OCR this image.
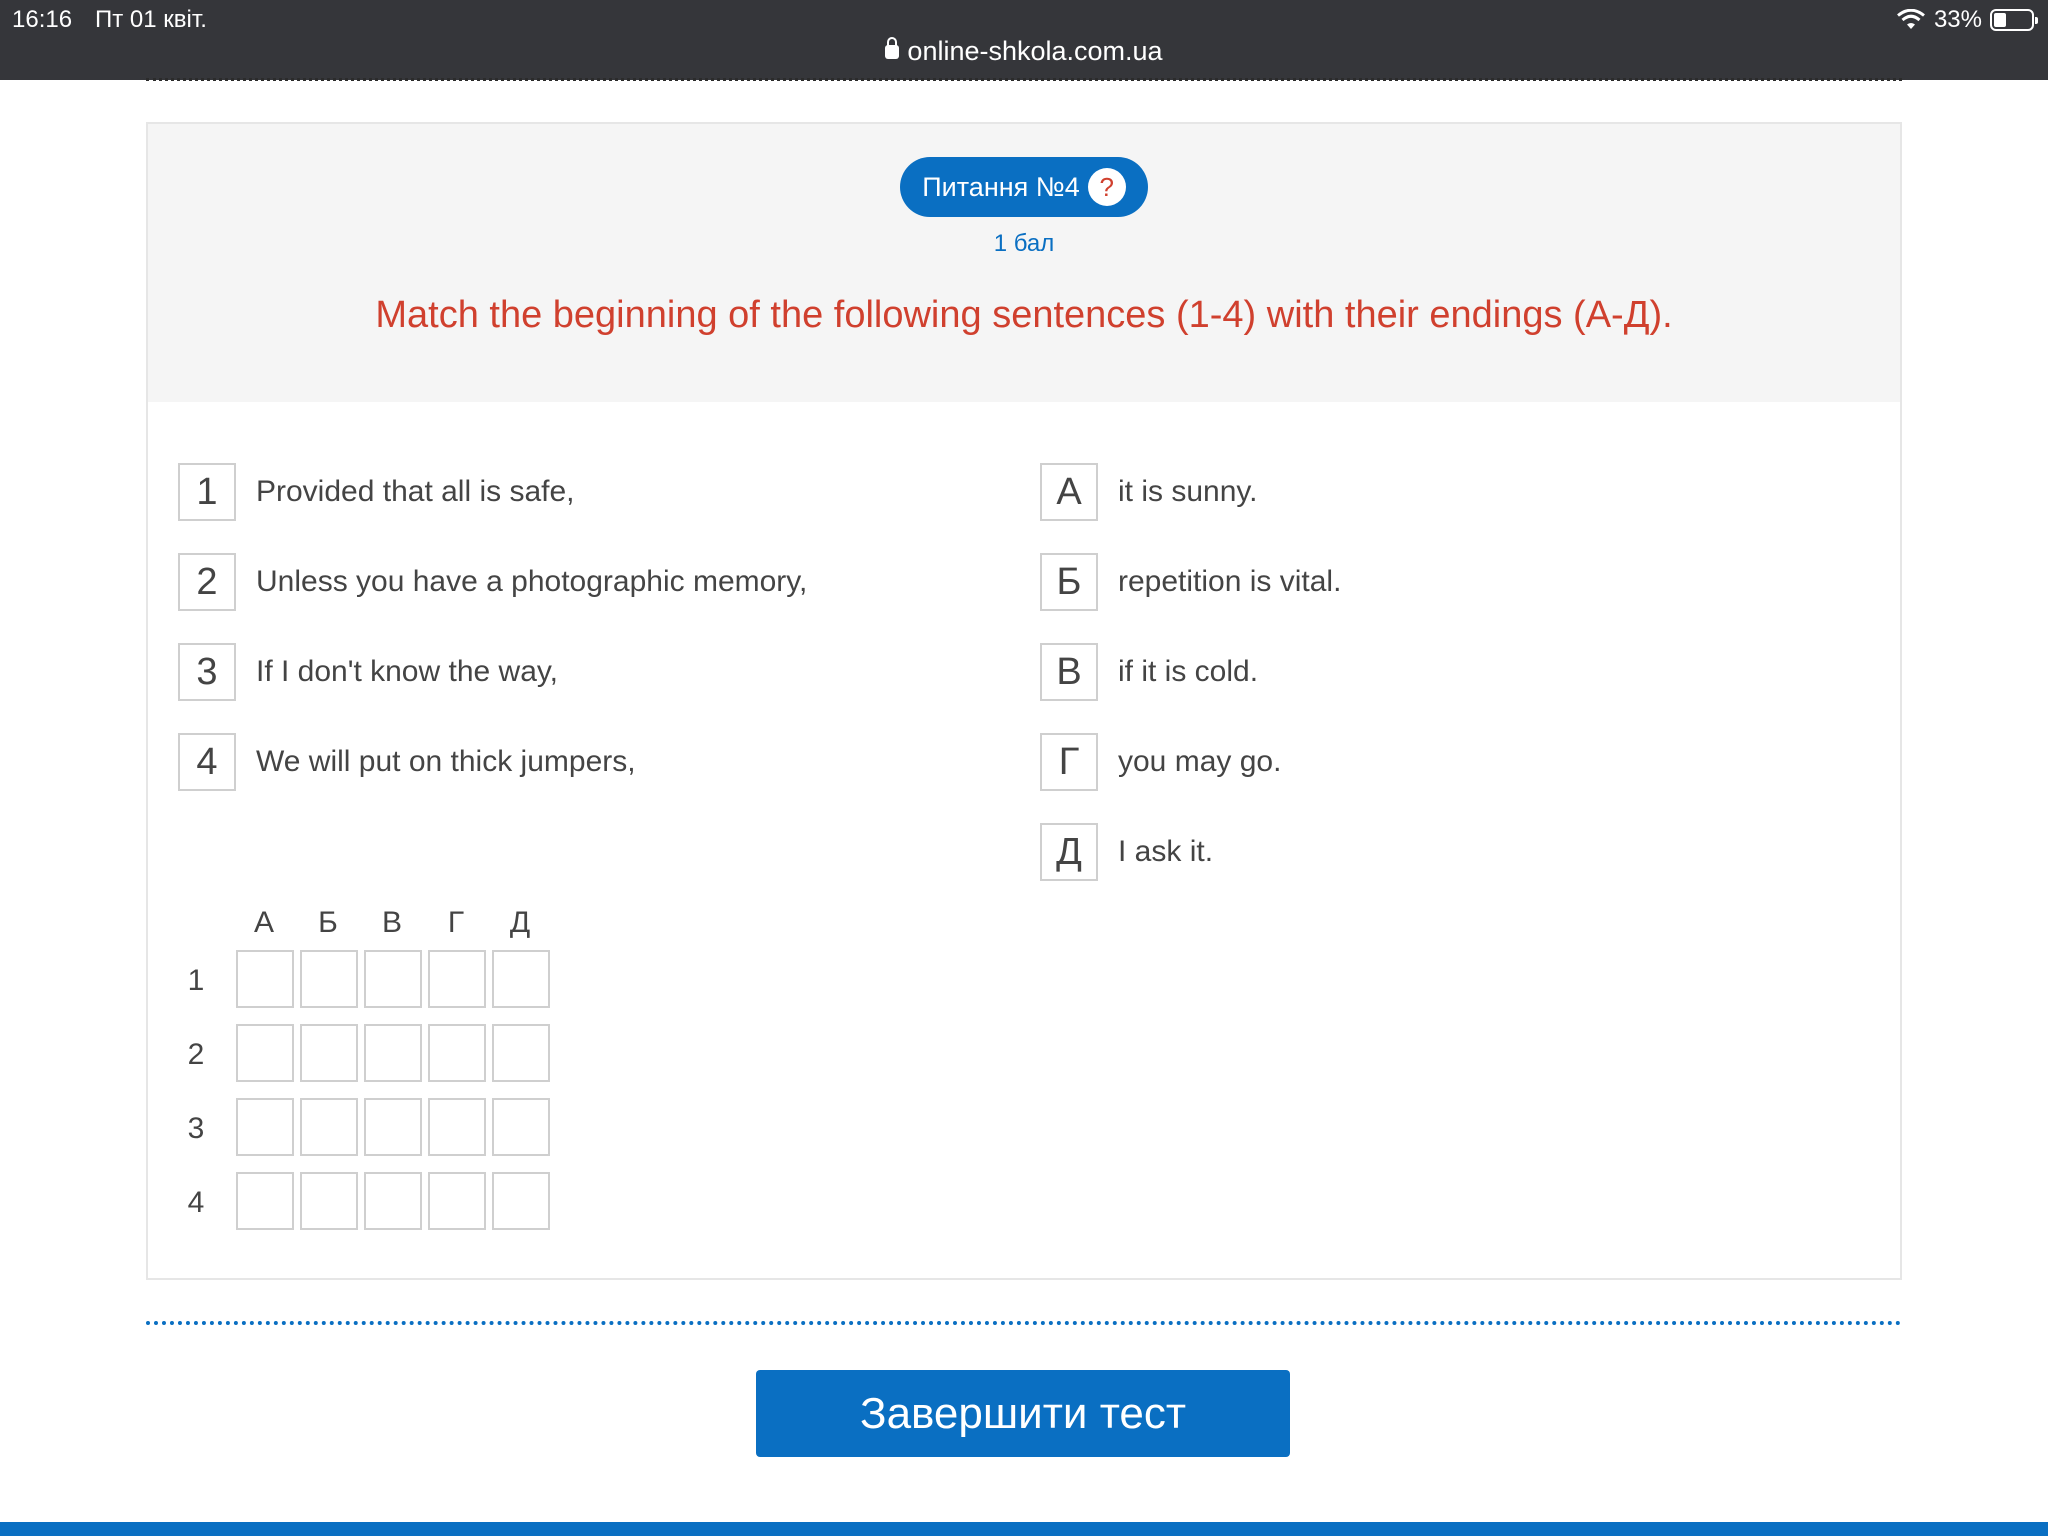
16:16 Пт 01 квіт.	33%
online-shkola.com.ua
Питання №4 ?
1 бал
Match the beginning of the following sentences (1-4) with their endings (А-Д).
1	Provided that all is safe,
2	Unless you have a photographic memory,
3	If I don't know the way,
4	We will put on thick jumpers,
А	it is sunny.
Б	repetition is vital.
В	if it is cold.
Г	you may go.
Д	I ask it.
А	Б	В	Г	Д
1
2
3
4
Завершити тест
